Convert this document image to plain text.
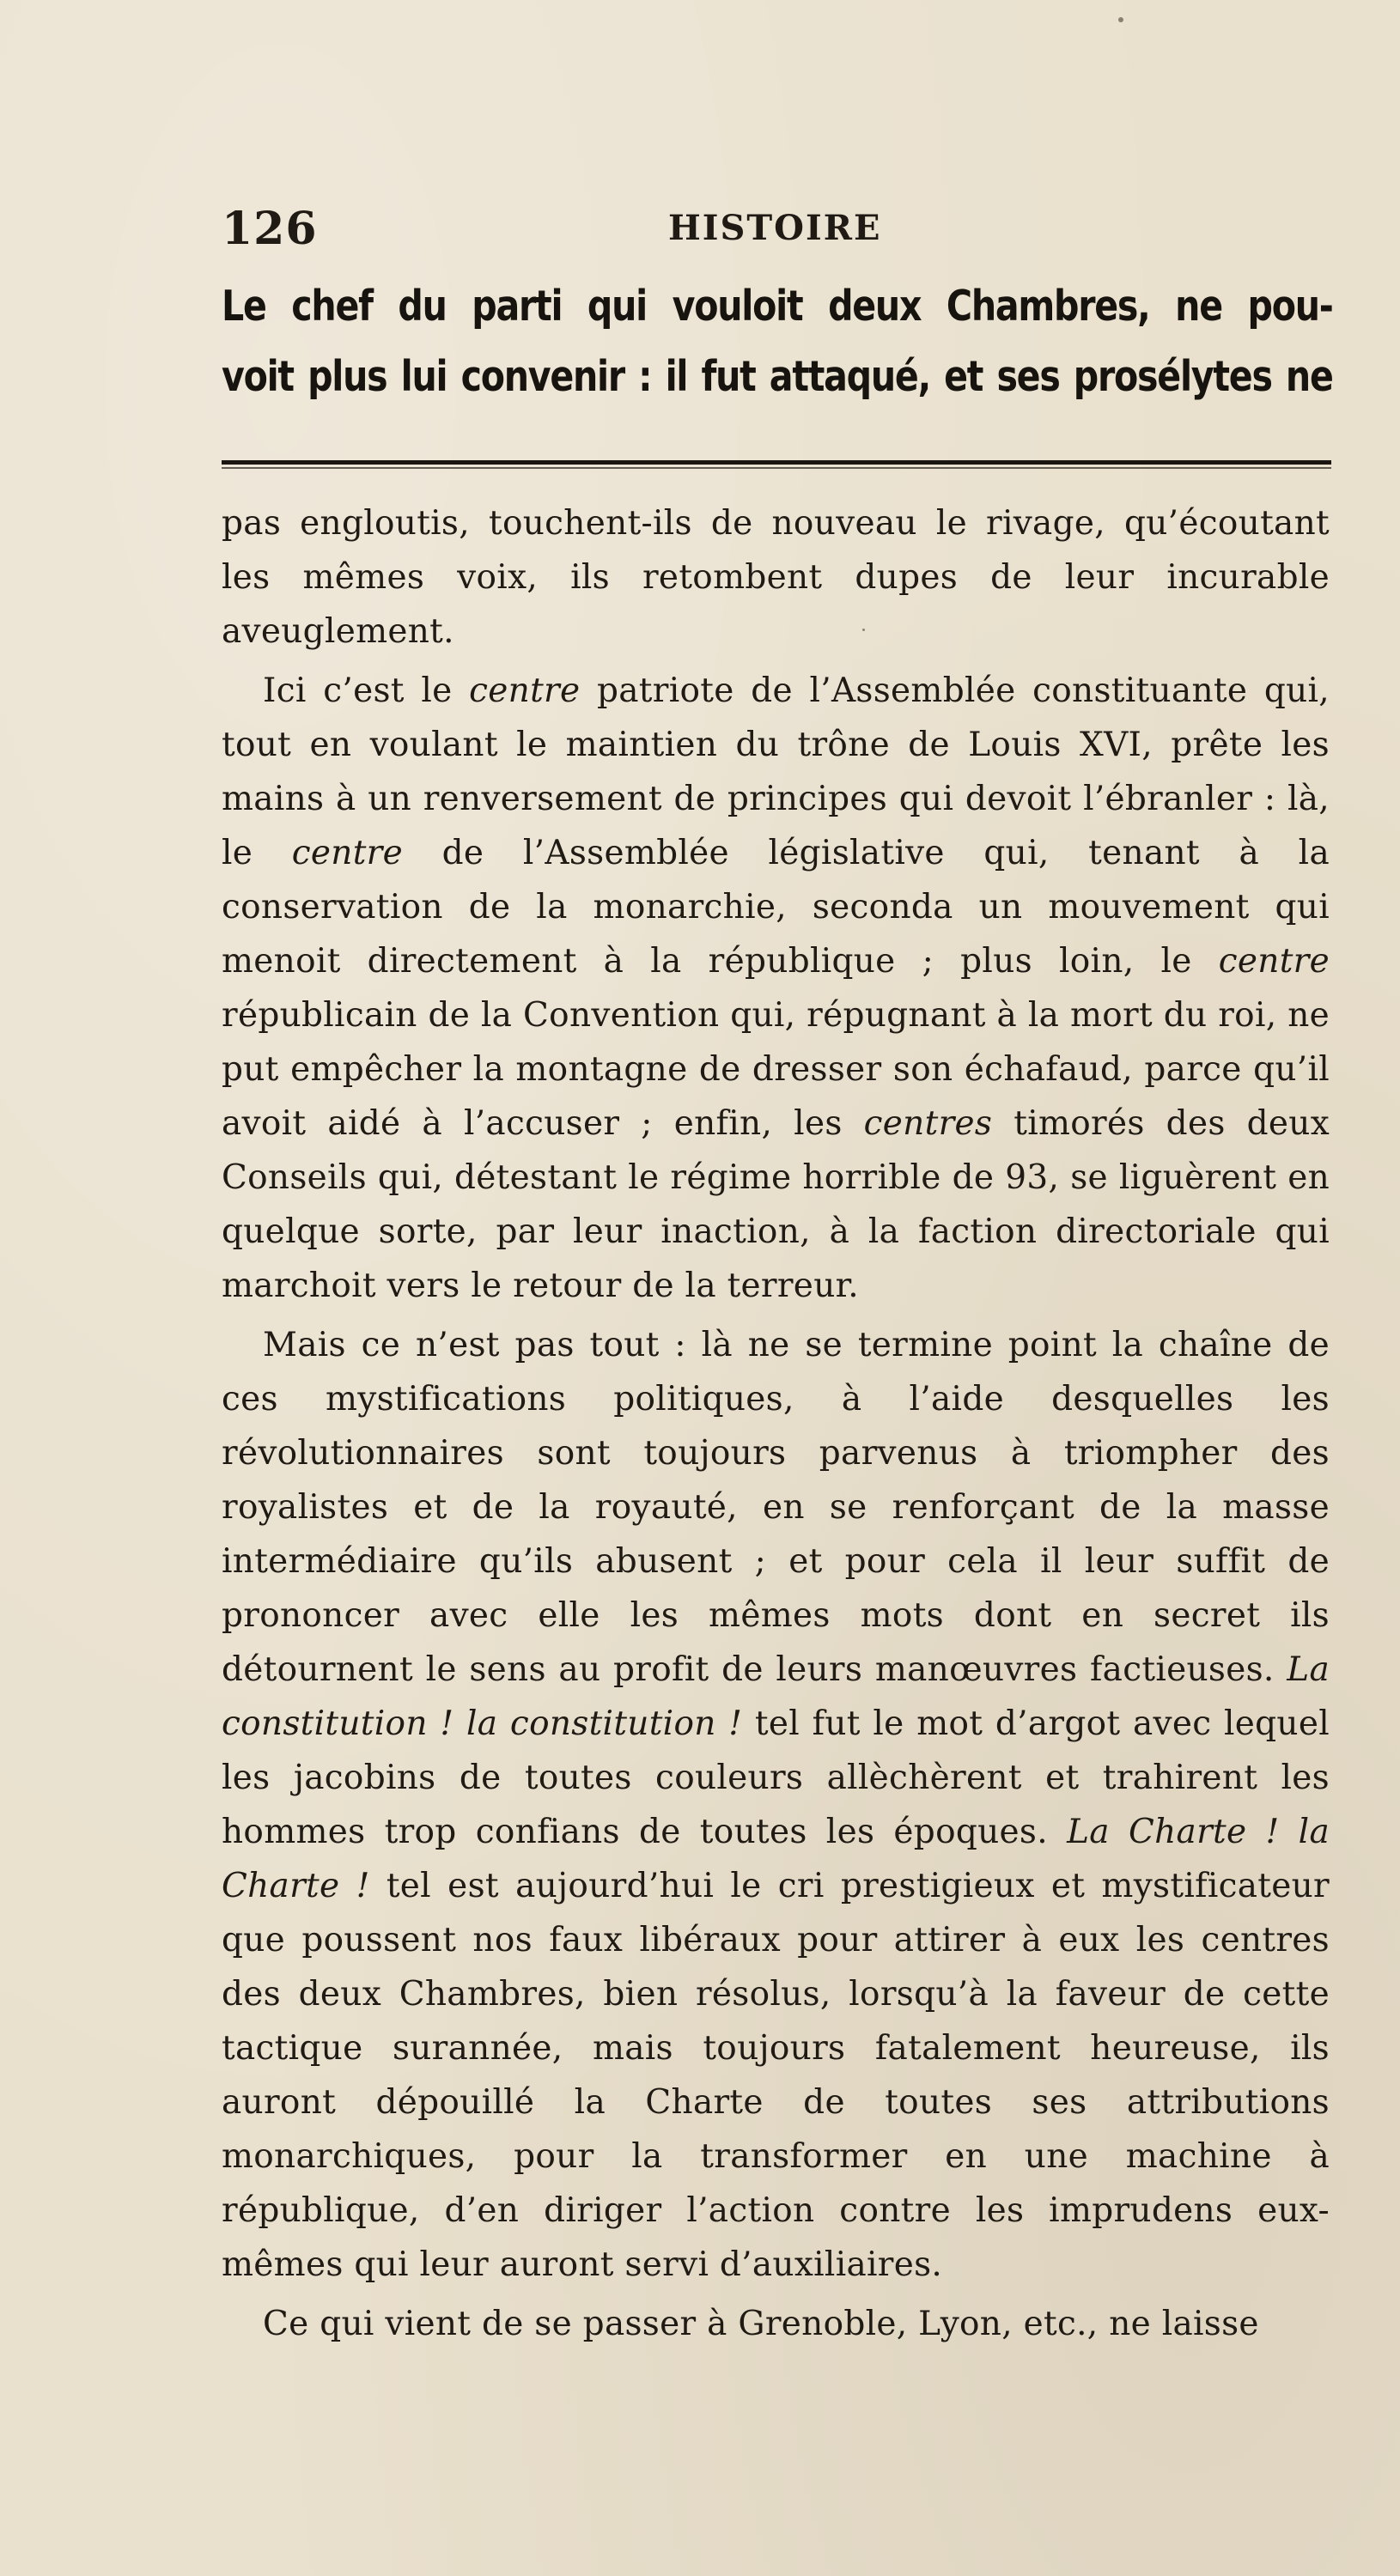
126	HISTOIRE
Le chef du parti qui vouloit deux Chambres, ne pou-
voit plus lui convenir : il fut attaqué, et ses prosélytes ne

pas engloutis, touchent-ils de nouveau le rivage, qu’écoutant les mêmes voix, ils retombent dupes de leur incurable aveuglement.

Ici c’est le centre patriote de l’Assemblée constituante qui, tout en voulant le maintien du trône de Louis XVI, prête les mains à un renversement de principes qui devoit l’ébranler : là, le centre de l’Assemblée législative qui, tenant à la conservation de la monarchie, seconda un mouvement qui menoit directement à la république ; plus loin, le centre républicain de la Convention qui, répugnant à la mort du roi, ne put empêcher la montagne de dresser son échafaud, parce qu’il avoit aidé à l’accuser ; enfin, les centres timorés des deux Conseils qui, détestant le régime horrible de 93, se liguèrent en quelque sorte, par leur inaction, à la faction directoriale qui marchoit vers le retour de la terreur.

Mais ce n’est pas tout : là ne se termine point la chaîne de ces mystifications politiques, à l’aide desquelles les révolutionnaires sont toujours parvenus à triompher des royalistes et de la royauté, en se renforçant de la masse intermédiaire qu’ils abusent ; et pour cela il leur suffit de prononcer avec elle les mêmes mots dont en secret ils détournent le sens au profit de leurs manœuvres factieuses. La constitution ! la constitution ! tel fut le mot d’argot avec lequel les jacobins de toutes couleurs allèchèrent et trahirent les hommes trop confians de toutes les époques. La Charte ! la Charte ! tel est aujourd’hui le cri prestigieux et mystificateur que poussent nos faux libéraux pour attirer à eux les centres des deux Chambres, bien résolus, lorsqu’à la faveur de cette tactique surannée, mais toujours fatalement heureuse, ils auront dépouillé la Charte de toutes ses attributions monarchiques, pour la transformer en une machine à république, d’en diriger l’action contre les imprudens eux-mêmes qui leur auront servi d’auxiliaires.

Ce qui vient de se passer à Grenoble, Lyon, etc., ne laisse
